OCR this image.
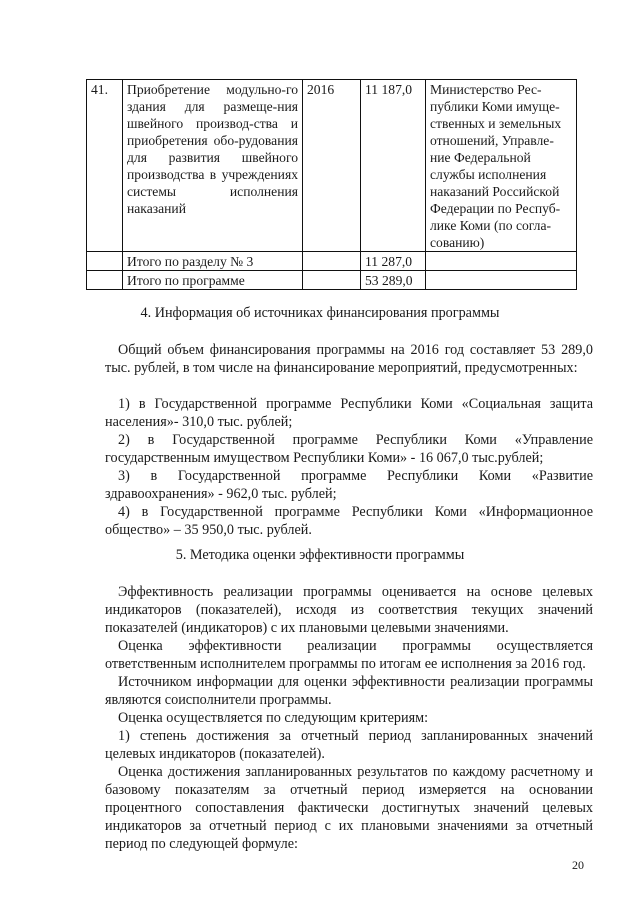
41.	Приобретение модульно-го здания для размеще-ния швейного производ-ства и приобретения обо-рудования для развития швейного производства в учреждениях системы исполнения наказаний	2016	11 187,0	Министерство Рес-публики Коми имуще-ственных и земельных отношений, Управле-ние Федеральной службы исполнения наказаний Российской Федерации по Респуб-лике Коми (по согла-сованию)
	Итого по разделу № 3		11 287,0	
	Итого по программе		53 289,0	
4. Информация об источниках финансирования программы
Общий объем финансирования программы на 2016 год составляет 53 289,0 тыс. рублей, в том числе на финансирование мероприятий, предусмотренных:
1) в Государственной программе Республики Коми «Социальная защита населения»- 310,0 тыс. рублей;
2) в Государственной программе Республики Коми «Управление государственным имуществом Республики Коми» - 16 067,0 тыс.рублей;
3) в Государственной программе Республики Коми «Развитие здравоохранения» - 962,0 тыс. рублей;
4) в Государственной программе Республики Коми «Информационное общество» – 35 950,0 тыс. рублей.
5. Методика оценки эффективности программы
Эффективность реализации программы оценивается на основе целевых индикаторов (показателей), исходя из соответствия текущих значений показателей (индикаторов) с их плановыми целевыми значениями.
Оценка эффективности реализации программы осуществляется ответственным исполнителем программы по итогам ее исполнения за 2016 год.
Источником информации для оценки эффективности реализации программы являются соисполнители программы.
Оценка осуществляется по следующим критериям:
1) степень достижения за отчетный период запланированных значений целевых индикаторов (показателей).
Оценка достижения запланированных результатов по каждому расчетному и базовому показателям за отчетный период измеряется на основании процентного сопоставления фактически достигнутых значений целевых индикаторов за отчетный период с их плановыми значениями за отчетный период по следующей формуле:
20
